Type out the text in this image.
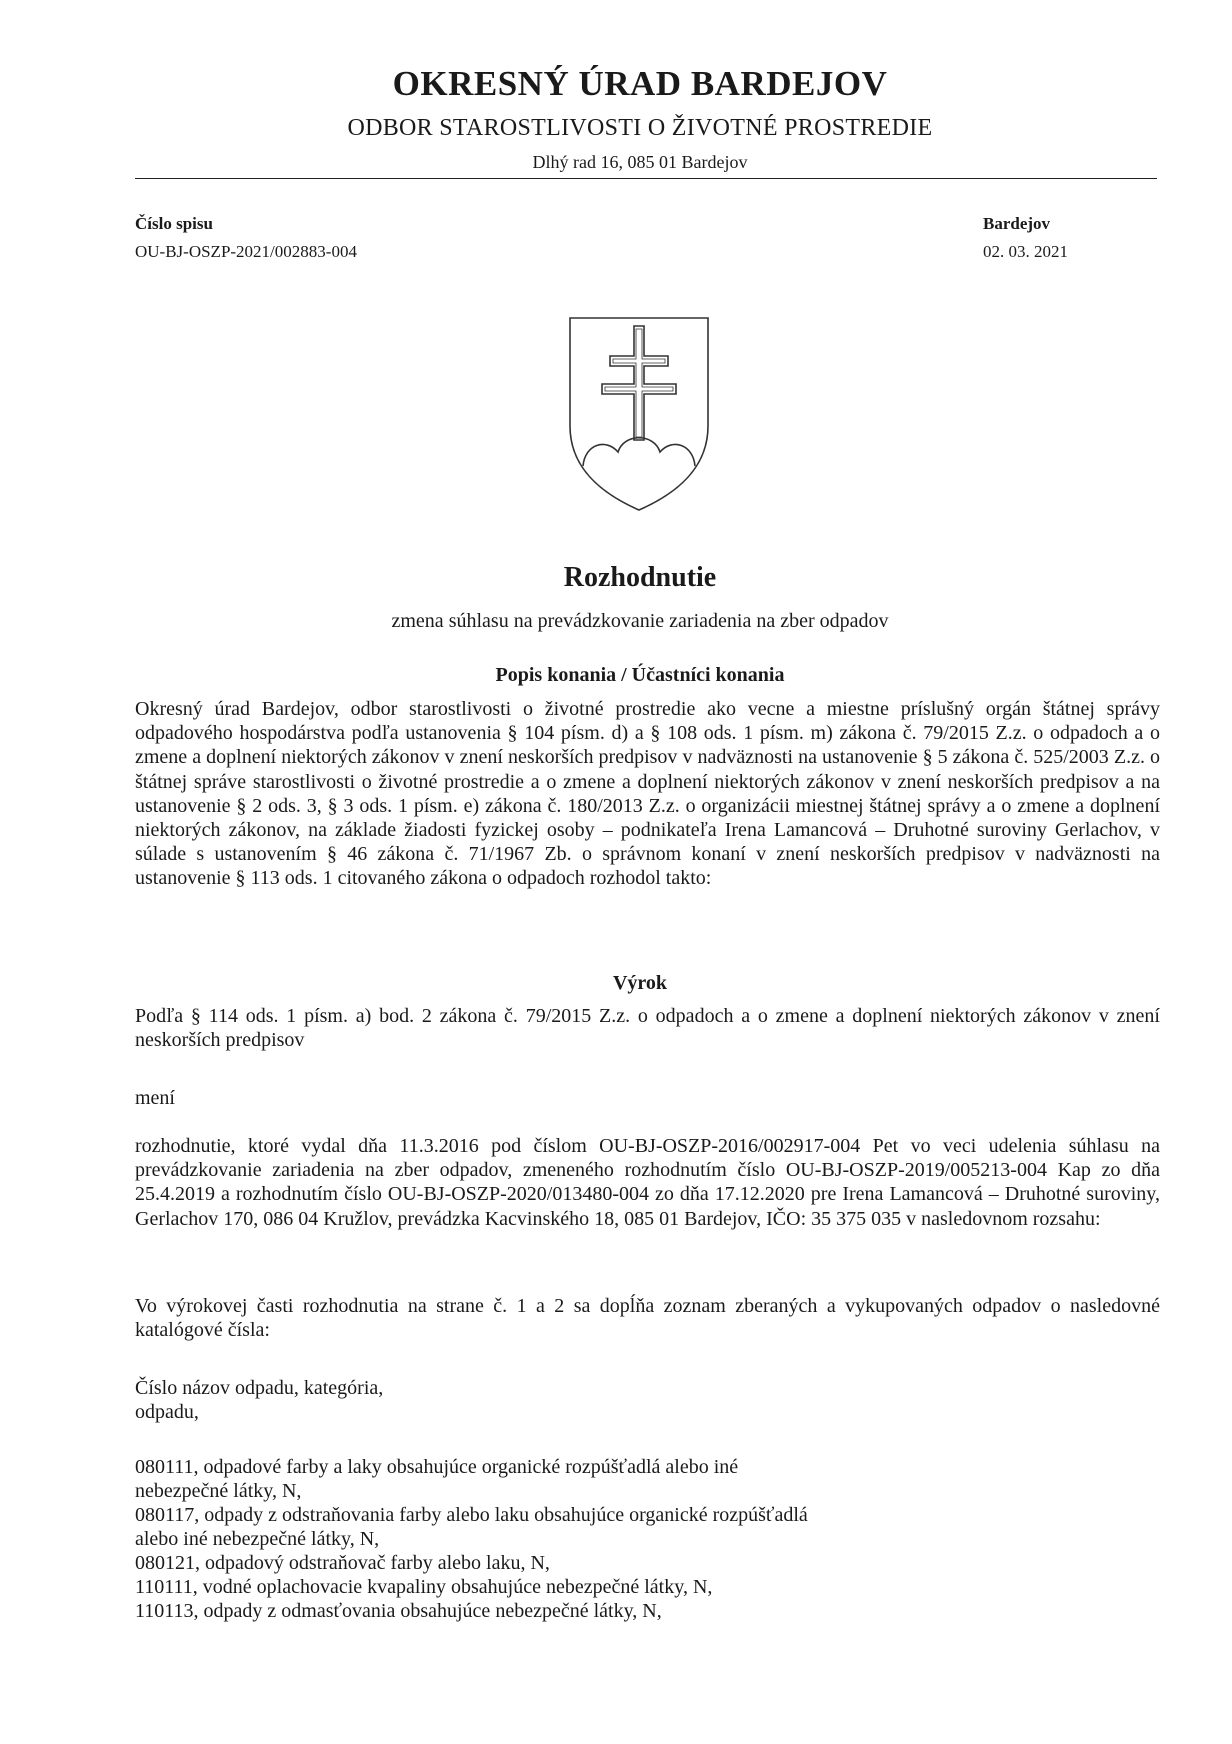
OKRESNÝ ÚRAD BARDEJOV
ODBOR STAROSTLIVOSTI O ŽIVOTNÉ PROSTREDIE
Dlhý rad 16, 085 01 Bardejov
Číslo spisu
OU-BJ-OSZP-2021/002883-004
Bardejov
02. 03. 2021
Rozhodnutie
zmena súhlasu na prevádzkovanie zariadenia na zber odpadov
Popis konania / Účastníci konania
Okresný úrad Bardejov, odbor starostlivosti o životné prostredie ako vecne a miestne príslušný orgán štátnej správy odpadového hospodárstva podľa ustanovenia § 104 písm. d) a § 108 ods. 1 písm. m) zákona č. 79/2015 Z.z. o odpadoch a o zmene a doplnení niektorých zákonov v znení neskorších predpisov v nadväznosti na ustanovenie § 5 zákona č. 525/2003 Z.z. o štátnej správe starostlivosti o životné prostredie a o zmene a doplnení niektorých zákonov v znení neskorších predpisov a na ustanovenie § 2 ods. 3, § 3 ods. 1 písm. e) zákona č. 180/2013 Z.z. o organizácii miestnej štátnej správy a o zmene a doplnení niektorých zákonov, na základe žiadosti fyzickej osoby – podnikateľa Irena Lamancová – Druhotné suroviny Gerlachov, v súlade s ustanovením § 46 zákona č. 71/1967 Zb. o správnom konaní v znení neskorších predpisov v nadväznosti na ustanovenie § 113 ods. 1 citovaného zákona o odpadoch rozhodol takto:
Výrok
Podľa § 114 ods. 1 písm. a) bod. 2 zákona č. 79/2015 Z.z. o odpadoch a o zmene a doplnení niektorých zákonov v znení neskorších predpisov
mení
rozhodnutie, ktoré vydal dňa 11.3.2016 pod číslom OU-BJ-OSZP-2016/002917-004 Pet vo veci udelenia súhlasu na prevádzkovanie zariadenia na zber odpadov, zmeneného rozhodnutím číslo OU-BJ-OSZP-2019/005213-004 Kap zo dňa 25.4.2019 a rozhodnutím číslo OU-BJ-OSZP-2020/013480-004 zo dňa 17.12.2020 pre Irena Lamancová – Druhotné suroviny, Gerlachov 170, 086 04 Kružlov, prevádzka Kacvinského 18, 085 01 Bardejov, IČO: 35 375 035 v nasledovnom rozsahu:
Vo výrokovej časti rozhodnutia na strane č. 1 a 2 sa dopĺňa zoznam zberaných a vykupovaných odpadov o nasledovné katalógové čísla:
Číslo názov odpadu, kategória,
odpadu,
080111, odpadové farby a laky obsahujúce organické rozpúšťadlá alebo iné
nebezpečné látky, N,
080117, odpady z odstraňovania farby alebo laku obsahujúce organické rozpúšťadlá
alebo iné nebezpečné látky, N,
080121, odpadový odstraňovač farby alebo laku, N,
110111, vodné oplachovacie kvapaliny obsahujúce nebezpečné látky, N,
110113, odpady z odmasťovania obsahujúce nebezpečné látky, N,
